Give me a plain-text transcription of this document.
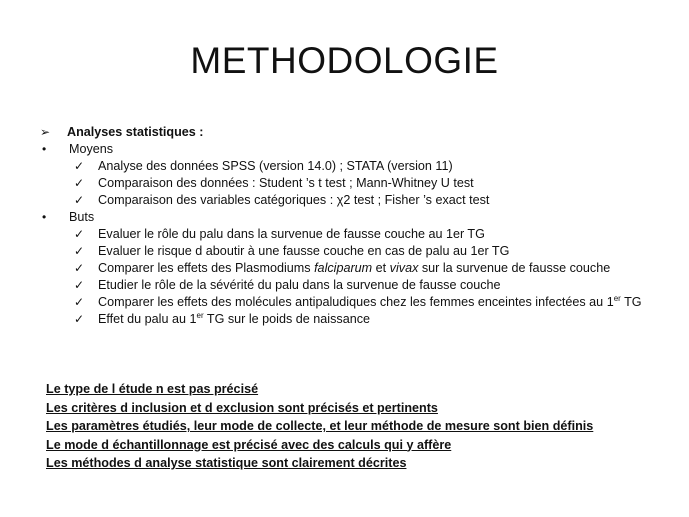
METHODOLOGIE
➢	Analyses statistiques :
•	Moyens
✓	Analyse des données SPSS (version 14.0) ; STATA (version 11)
✓	Comparaison des données : Student ’s t test ; Mann-Whitney U test
✓	Comparaison des variables catégoriques : χ2 test ; Fisher ’s exact test
•	Buts
✓	Evaluer le rôle du palu dans la survenue de fausse couche au 1er TG
✓	Evaluer le risque d aboutir à une fausse couche en cas de palu au 1er TG
✓	Comparer les effets des Plasmodiums falciparum et vivax sur la survenue de fausse couche
✓	Etudier le rôle de la sévérité du palu dans la survenue de fausse couche
✓	Comparer les effets des molécules antipaludiques chez les femmes enceintes infectées au 1er TG
✓	Effet du palu au 1er TG sur le poids de naissance
Le type de l étude n est pas précisé
Les critères d inclusion et d exclusion sont précisés et pertinents
Les paramètres étudiés, leur mode de collecte, et leur méthode de mesure sont bien définis
Le mode d échantillonnage est précisé avec des calculs qui y affère
Les méthodes d analyse statistique sont clairement décrites
